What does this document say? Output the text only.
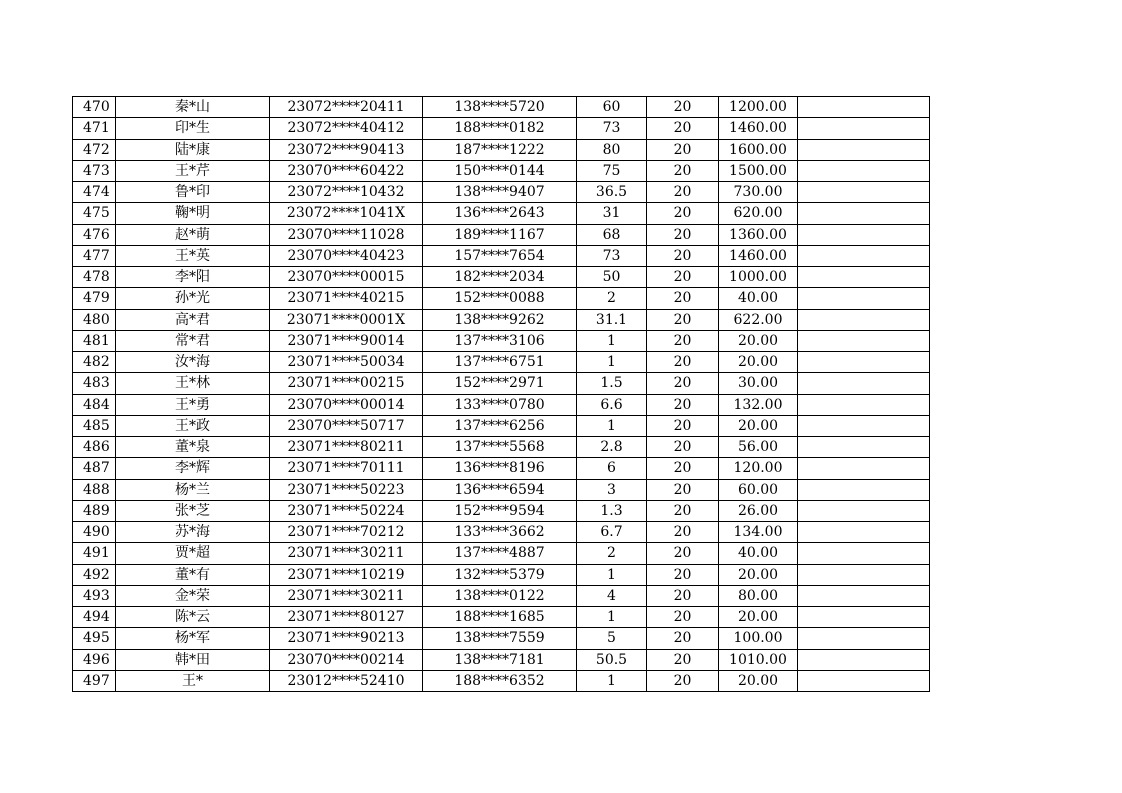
470	秦*山	23072****20411	138****5720	60	20	1200.00	
471	印*生	23072****40412	188****0182	73	20	1460.00	
472	陆*康	23072****90413	187****1222	80	20	1600.00	
473	王*芹	23070****60422	150****0144	75	20	1500.00	
474	鲁*印	23072****10432	138****9407	36.5	20	730.00	
475	鞠*明	23072****1041X	136****2643	31	20	620.00	
476	赵*萌	23070****11028	189****1167	68	20	1360.00	
477	王*英	23070****40423	157****7654	73	20	1460.00	
478	李*阳	23070****00015	182****2034	50	20	1000.00	
479	孙*光	23071****40215	152****0088	2	20	40.00	
480	高*君	23071****0001X	138****9262	31.1	20	622.00	
481	常*君	23071****90014	137****3106	1	20	20.00	
482	汝*海	23071****50034	137****6751	1	20	20.00	
483	王*林	23071****00215	152****2971	1.5	20	30.00	
484	王*勇	23070****00014	133****0780	6.6	20	132.00	
485	王*政	23070****50717	137****6256	1	20	20.00	
486	董*泉	23071****80211	137****5568	2.8	20	56.00	
487	李*辉	23071****70111	136****8196	6	20	120.00	
488	杨*兰	23071****50223	136****6594	3	20	60.00	
489	张*芝	23071****50224	152****9594	1.3	20	26.00	
490	苏*海	23071****70212	133****3662	6.7	20	134.00	
491	贾*超	23071****30211	137****4887	2	20	40.00	
492	董*有	23071****10219	132****5379	1	20	20.00	
493	金*荣	23071****30211	138****0122	4	20	80.00	
494	陈*云	23071****80127	188****1685	1	20	20.00	
495	杨*军	23071****90213	138****7559	5	20	100.00	
496	韩*田	23070****00214	138****7181	50.5	20	1010.00	
497	王*	23012****52410	188****6352	1	20	20.00	
